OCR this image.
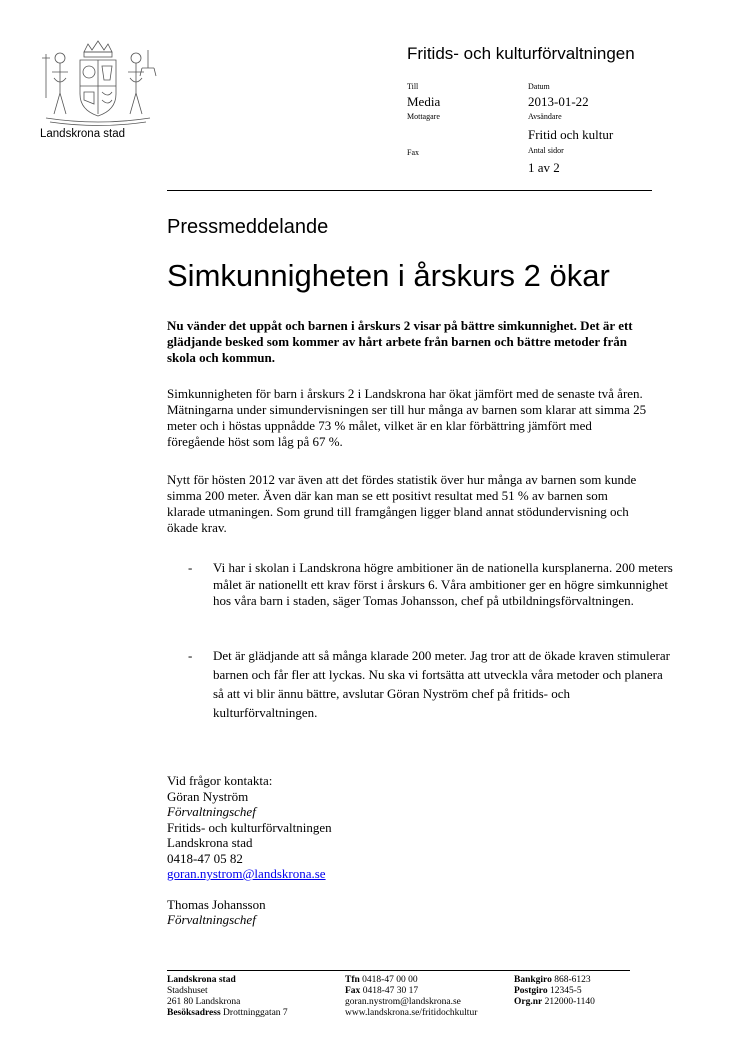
Landskrona stad
Fritids- och kulturförvaltningen
Till
Media
Mottagare
Fax
Datum
2013-01-22
Avsändare
Fritid och kultur
Antal sidor
1 av 2
Pressmeddelande
Simkunnigheten i årskurs 2 ökar
Nu vänder det uppåt och barnen i årskurs 2 visar på bättre simkunnighet. Det är ett glädjande besked som kommer av hårt arbete från barnen och bättre metoder från skola och kommun.
Simkunnigheten för barn i årskurs 2 i Landskrona har ökat jämfört med de senaste två åren. Mätningarna under simundervisningen ser till hur många av barnen som klarar att simma 25 meter och i höstas uppnådde 73 % målet, vilket är en klar förbättring jämfört med föregående höst som låg på 67 %.
Nytt för hösten 2012 var även att det fördes statistik över hur många av barnen som kunde simma 200 meter. Även där kan man se ett positivt resultat med 51 % av barnen som klarade utmaningen. Som grund till framgången ligger bland annat stödundervisning och ökade krav.
- Vi har i skolan i Landskrona högre ambitioner än de nationella kursplanerna. 200 meters målet är nationellt ett krav först i årskurs 6. Våra ambitioner ger en högre simkunnighet hos våra barn i staden, säger Tomas Johansson, chef på utbildningsförvaltningen.
- Det är glädjande att så många klarade 200 meter. Jag tror att de ökade kraven stimulerar barnen och får fler att lyckas. Nu ska vi fortsätta att utveckla våra metoder och planera så att vi blir ännu bättre, avslutar Göran Nyström chef på fritids- och kulturförvaltningen.
Vid frågor kontakta:
Göran Nyström
Förvaltningschef
Fritids- och kulturförvaltningen
Landskrona stad
0418-47 05 82
goran.nystrom@landskrona.se
Thomas Johansson
Förvaltningschef
Landskrona stad
Stadshuset
261 80 Landskrona
Besöksadress Drottninggatan 7
Tfn 0418-47 00 00
Fax 0418-47 30 17
goran.nystrom@landskrona.se
www.landskrona.se/fritidochkultur
Bankgiro 868-6123
Postgiro 12345-5
Org.nr 212000-1140
